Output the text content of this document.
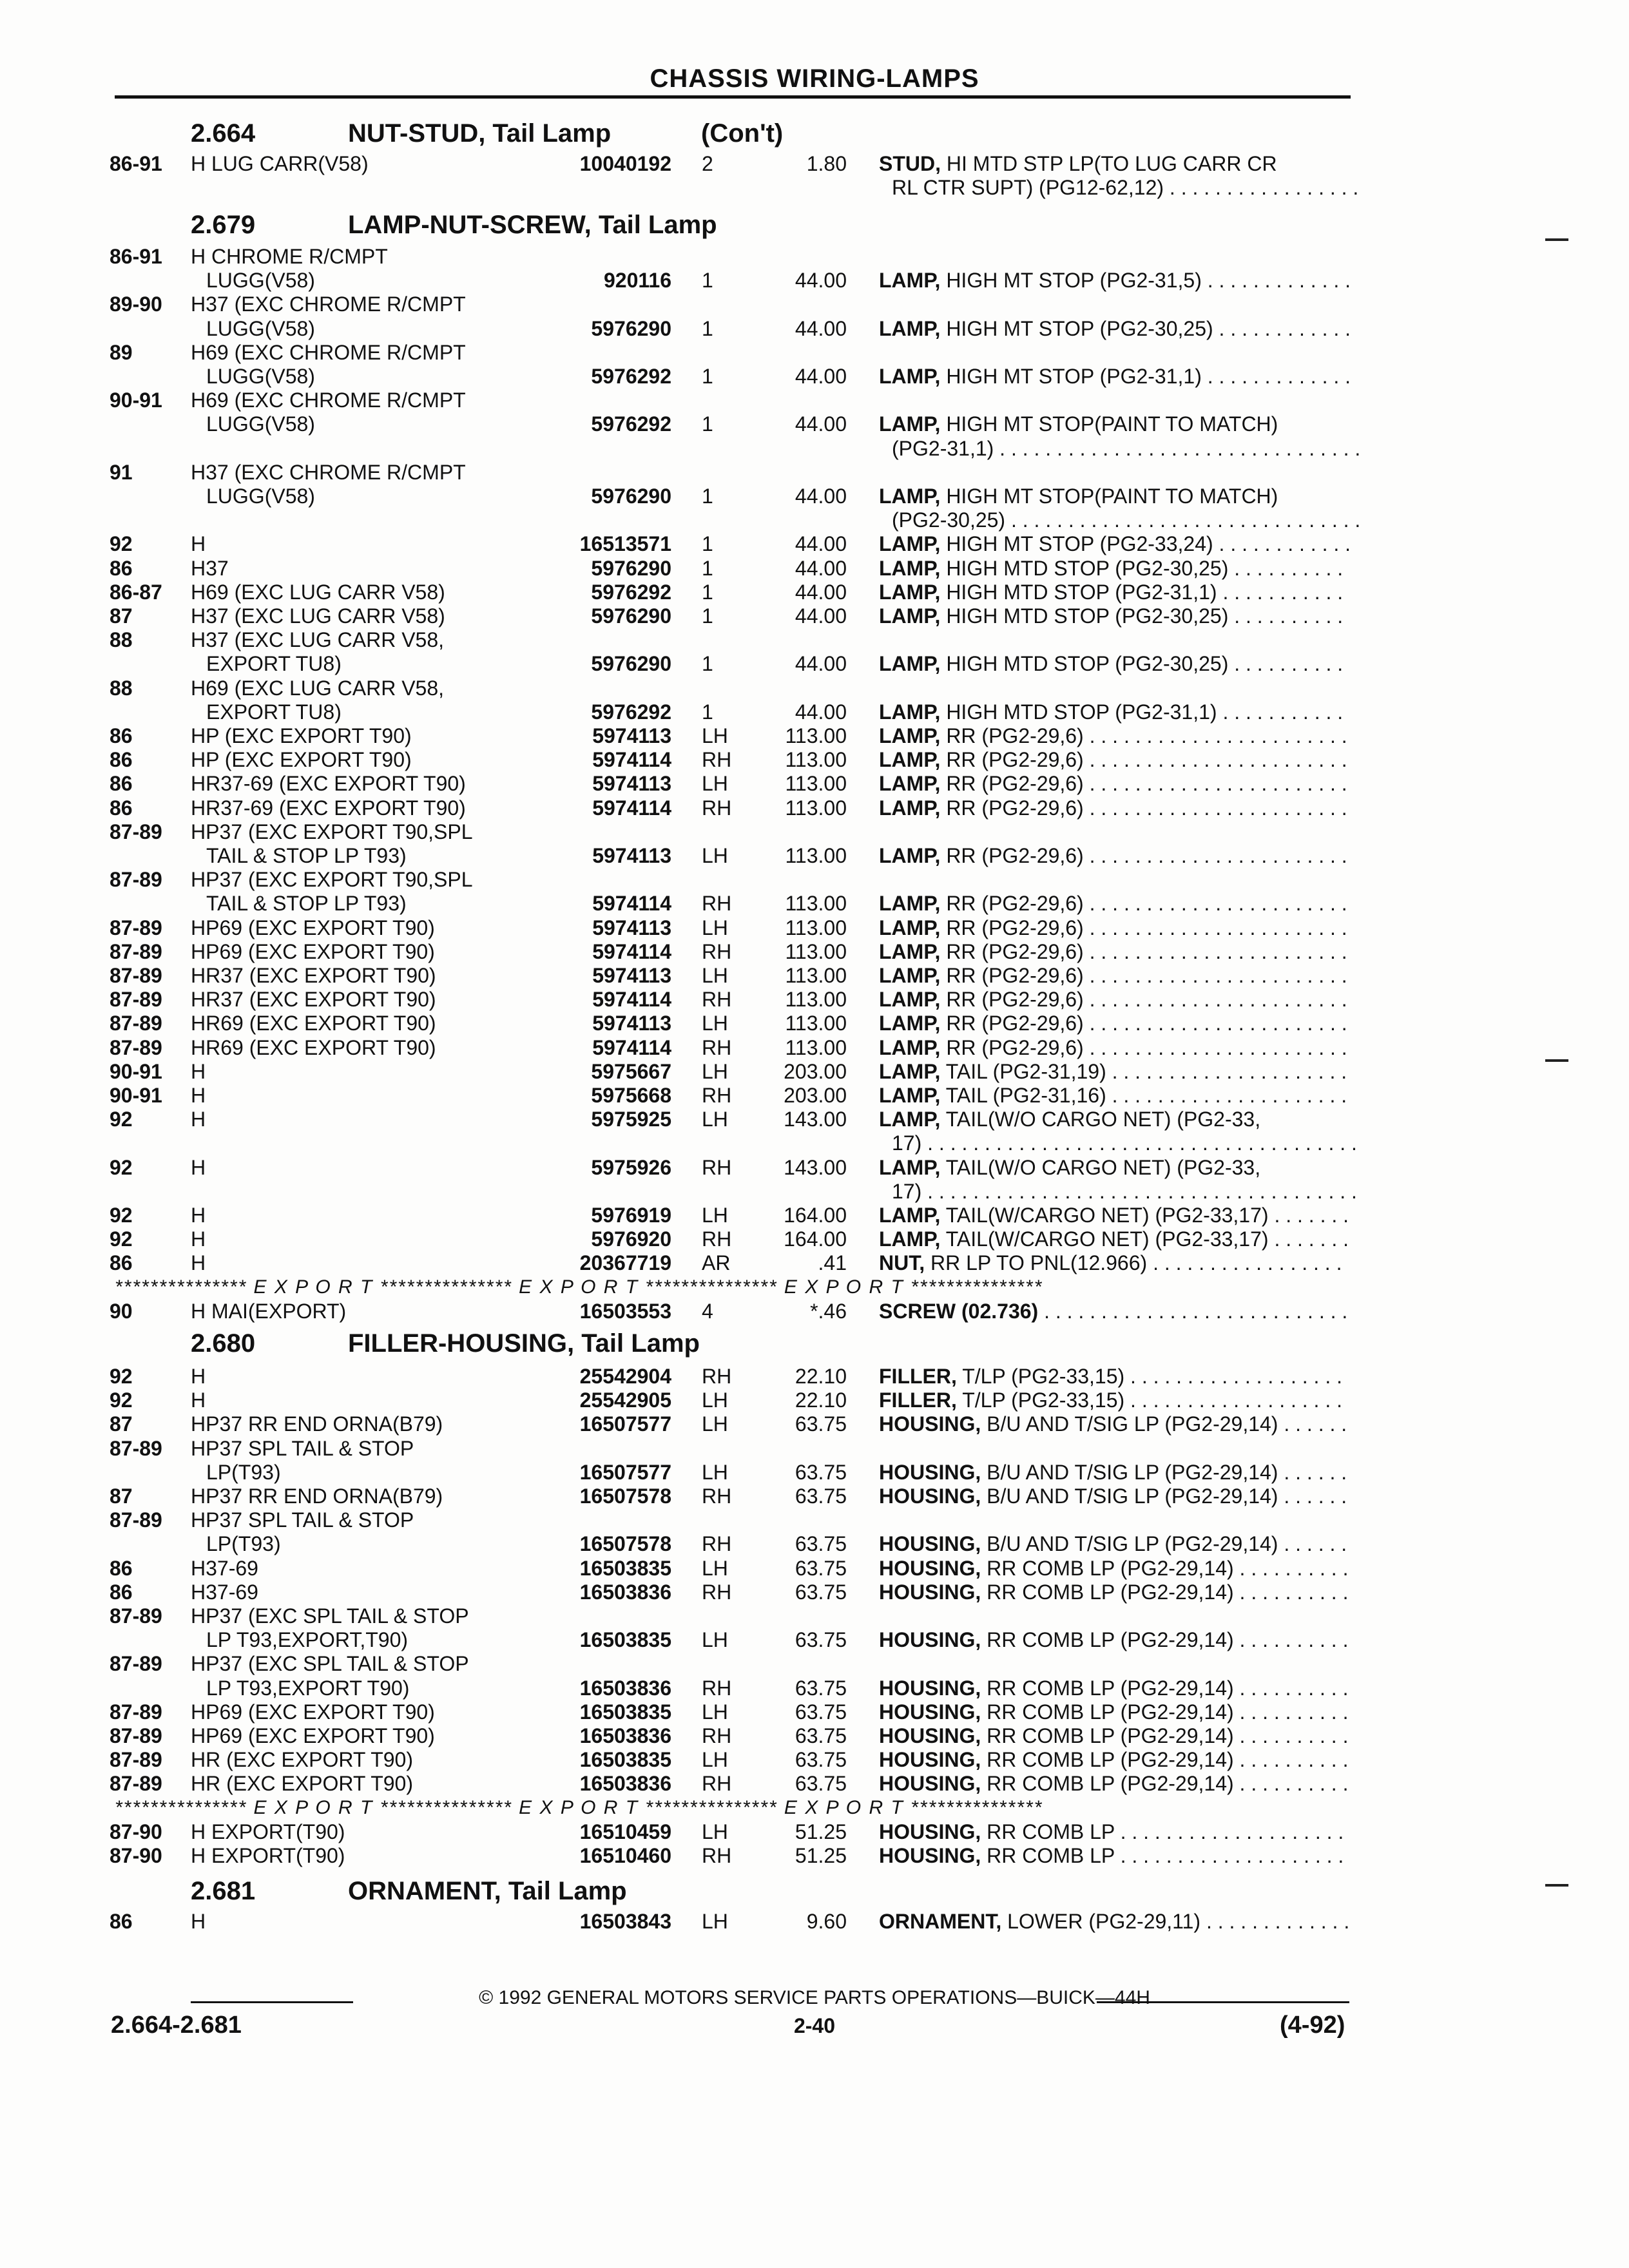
CHASSIS WIRING-LAMPS
2.664	NUT-STUD, Tail Lamp	(Con't)
86-91 H LUG CARR(V58)	10040192 2	1.80 STUD, HI MTD STP LP(TO LUG CARR CR
RL CTR SUPT) (PG12-62,12) . . .
2.679	LAMP-NUT-SCREW, Tail Lamp
86-91 H CHROME R/CMPT
LUGG(V58)	920116 1	44.00 LAMP, HIGH MT STOP (PG2-31,5) . . .
89-90 H37 (EXC CHROME R/CMPT
LUGG(V58)	5976290 1	44.00 LAMP, HIGH MT STOP (PG2-30,25) . . .
89	H69 (EXC CHROME R/CMPT
LUGG(V58)	5976292 1	44.00 LAMP, HIGH MT STOP (PG2-31,1) . . .
90-91 H69 (EXC CHROME R/CMPT
LUGG(V58)	5976292 1	44.00 LAMP, HIGH MT STOP(PAINT TO MATCH)
(PG2-31,1) . . .
91	H37 (EXC CHROME R/CMPT
LUGG(V58)	5976290 1	44.00 LAMP, HIGH MT STOP(PAINT TO MATCH)
(PG2-30,25) . . .
92	H	16513571 1	44.00 LAMP, HIGH MT STOP (PG2-33,24) . . .
86	H37	5976290 1	44.00 LAMP, HIGH MTD STOP (PG2-30,25) . . .
86-87 H69 (EXC LUG CARR V58)	5976292 1	44.00 LAMP, HIGH MTD STOP (PG2-31,1) . . .
87	H37 (EXC LUG CARR V58)	5976290 1	44.00 LAMP, HIGH MTD STOP (PG2-30,25) . . .
88	H37 (EXC LUG CARR V58,
EXPORT TU8)	5976290 1	44.00 LAMP, HIGH MTD STOP (PG2-30,25) . . .
88	H69 (EXC LUG CARR V58,
EXPORT TU8)	5976292 1	44.00 LAMP, HIGH MTD STOP (PG2-31,1) . . .
86	HP (EXC EXPORT T90)	5974113 LH	113.00 LAMP, RR (PG2-29,6) . . .
86	HP (EXC EXPORT T90)	5974114 RH	113.00 LAMP, RR (PG2-29,6) . . .
86	HR37-69 (EXC EXPORT T90)	5974113 LH	113.00 LAMP, RR (PG2-29,6) . . .
86	HR37-69 (EXC EXPORT T90)	5974114 RH	113.00 LAMP, RR (PG2-29,6) . . .
87-89 HP37 (EXC EXPORT T90,SPL
TAIL & STOP LP T93)	5974113 LH	113.00 LAMP, RR (PG2-29,6) . . .
87-89 HP37 (EXC EXPORT T90,SPL
TAIL & STOP LP T93)	5974114 RH	113.00 LAMP, RR (PG2-29,6) . . .
87-89 HP69 (EXC EXPORT T90)	5974113 LH	113.00 LAMP, RR (PG2-29,6) . . .
87-89 HP69 (EXC EXPORT T90)	5974114 RH	113.00 LAMP, RR (PG2-29,6) . . .
87-89 HR37 (EXC EXPORT T90)	5974113 LH	113.00 LAMP, RR (PG2-29,6) . . .
87-89 HR37 (EXC EXPORT T90)	5974114 RH	113.00 LAMP, RR (PG2-29,6) . . .
87-89 HR69 (EXC EXPORT T90)	5974113 LH	113.00 LAMP, RR (PG2-29,6) . . .
87-89 HR69 (EXC EXPORT T90)	5974114 RH	113.00 LAMP, RR (PG2-29,6) . . .
90-91 H	5975667 LH	203.00 LAMP, TAIL (PG2-31,19) . . .
90-91 H	5975668 RH	203.00 LAMP, TAIL (PG2-31,16) . . .
92	H	5975925 LH	143.00 LAMP, TAIL(W/O CARGO NET) (PG2-33,
17) . . .
92	H	5975926 RH	143.00 LAMP, TAIL(W/O CARGO NET) (PG2-33,
17) . . .
92	H	5976919 LH	164.00 LAMP, TAIL(W/CARGO NET) (PG2-33,17) . . .
92	H	5976920 RH	164.00 LAMP, TAIL(W/CARGO NET) (PG2-33,17) . . .
86	H	20367719 AR	.41 NUT, RR LP TO PNL(12.966) . . .
*************** E X P O R T *************** E X P O R T *************** E X P O R T ***************
90	H MAI(EXPORT)	16503553 4	*.46 SCREW (02.736) . . .
2.680	FILLER-HOUSING, Tail Lamp
92	H	25542904 RH	22.10 FILLER, T/LP (PG2-33,15) . . .
92	H	25542905 LH	22.10 FILLER, T/LP (PG2-33,15) . . .
87	HP37 RR END ORNA(B79)	16507577 LH	63.75 HOUSING, B/U AND T/SIG LP (PG2-29,14) . . .
87-89 HP37 SPL TAIL & STOP
LP(T93)	16507577 LH	63.75 HOUSING, B/U AND T/SIG LP (PG2-29,14) . . .
87	HP37 RR END ORNA(B79)	16507578 RH	63.75 HOUSING, B/U AND T/SIG LP (PG2-29,14) . . .
87-89 HP37 SPL TAIL & STOP
LP(T93)	16507578 RH	63.75 HOUSING, B/U AND T/SIG LP (PG2-29,14) . . .
86	H37-69	16503835 LH	63.75 HOUSING, RR COMB LP (PG2-29,14) . . .
86	H37-69	16503836 RH	63.75 HOUSING, RR COMB LP (PG2-29,14) . . .
87-89 HP37 (EXC SPL TAIL & STOP
LP T93,EXPORT,T90)	16503835 LH	63.75 HOUSING, RR COMB LP (PG2-29,14) . . .
87-89 HP37 (EXC SPL TAIL & STOP
LP T93,EXPORT T90)	16503836 RH	63.75 HOUSING, RR COMB LP (PG2-29,14) . . .
87-89 HP69 (EXC EXPORT T90)	16503835 LH	63.75 HOUSING, RR COMB LP (PG2-29,14) . . .
87-89 HP69 (EXC EXPORT T90)	16503836 RH	63.75 HOUSING, RR COMB LP (PG2-29,14) . . .
87-89 HR (EXC EXPORT T90)	16503835 LH	63.75 HOUSING, RR COMB LP (PG2-29,14) . . .
87-89 HR (EXC EXPORT T90)	16503836 RH	63.75 HOUSING, RR COMB LP (PG2-29,14) . . .
*************** E X P O R T *************** E X P O R T *************** E X P O R T ***************
87-90 H EXPORT(T90)	16510459 LH	51.25 HOUSING, RR COMB LP . . .
87-90 H EXPORT(T90)	16510460 RH	51.25 HOUSING, RR COMB LP . . .
2.681	ORNAMENT, Tail Lamp
86	H	16503843 LH	9.60 ORNAMENT, LOWER (PG2-29,11) . . .
© 1992 GENERAL MOTORS SERVICE PARTS OPERATIONS—BUICK—44H
2.664-2.681	2-40	(4-92)
